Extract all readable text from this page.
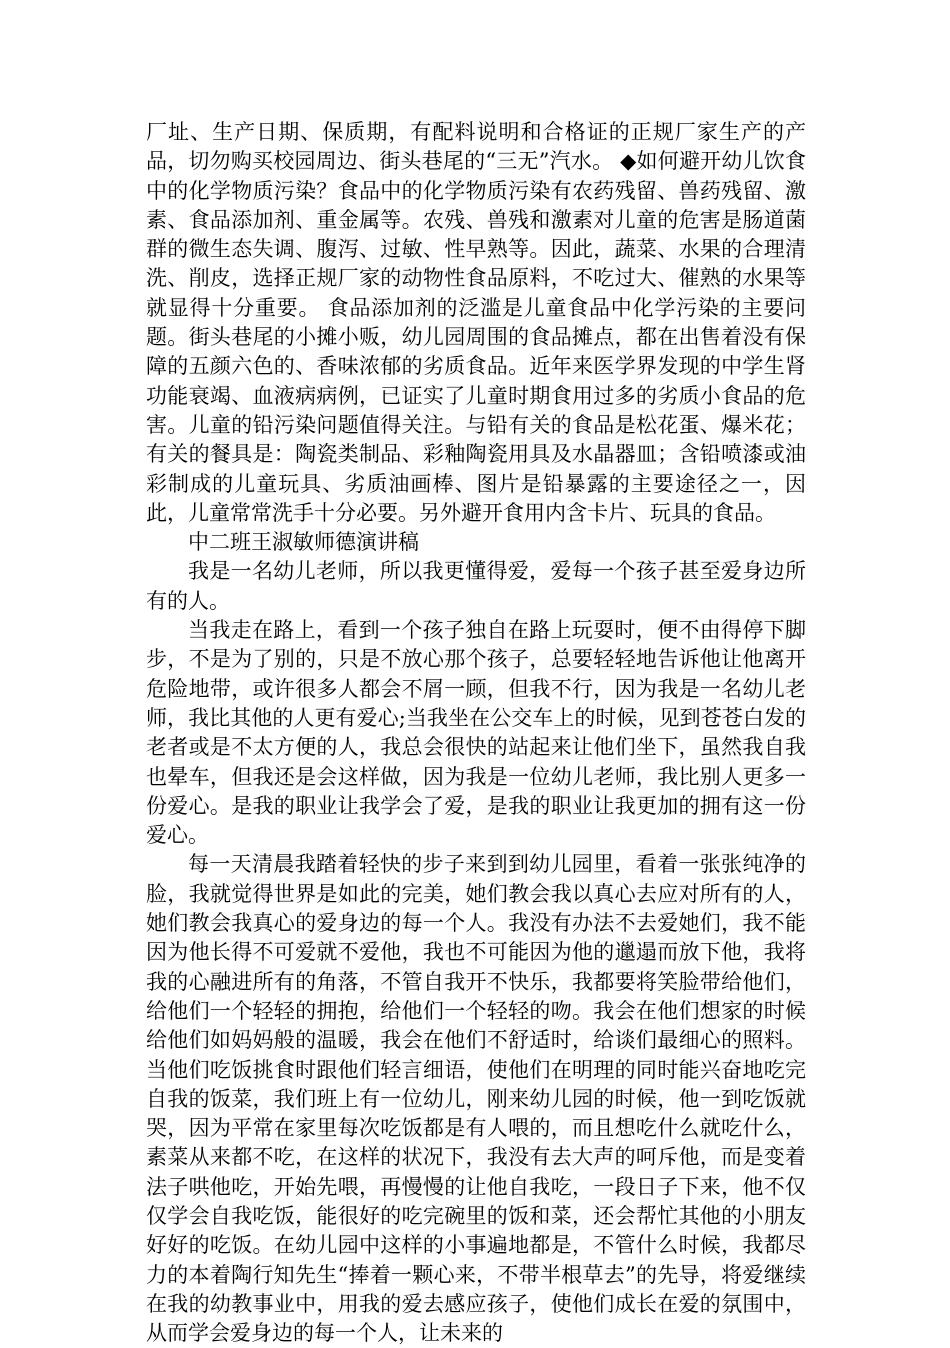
厂址、生产日期、保质期，有配料说明和合格证的正规厂家生产的产品，切勿购买校园周边、街头巷尾的“三无”汽水。 ◆如何避开幼儿饮食中的化学物质污染？食品中的化学物质污染有农药残留、兽药残留、激素、食品添加剂、重金属等。农残、兽残和激素对儿童的危害是肠道菌群的微生态失调、腹泻、过敏、性早熟等。因此，蔬菜、水果的合理清洗、削皮，选择正规厂家的动物性食品原料，不吃过大、催熟的水果等就显得十分重要。 食品添加剂的泛滥是儿童食品中化学污染的主要问题。街头巷尾的小摊小贩，幼儿园周围的食品摊点，都在出售着没有保障的五颜六色的、香味浓郁的劣质食品。近年来医学界发现的中学生肾功能衰竭、血液病病例，已证实了儿童时期食用过多的劣质小食品的危害。儿童的铅污染问题值得关注。与铅有关的食品是松花蛋、爆米花；有关的餐具是：陶瓷类制品、彩釉陶瓷用具及水晶器皿；含铅喷漆或油彩制成的儿童玩具、劣质油画棒、图片是铅暴露的主要途径之一，因此，儿童常常洗手十分必要。另外避开食用内含卡片、玩具的食品。

中二班王淑敏师德演讲稿

我是一名幼儿老师，所以我更懂得爱，爱每一个孩子甚至爱身边所有的人。

当我走在路上，看到一个孩子独自在路上玩耍时，便不由得停下脚步，不是为了别的，只是不放心那个孩子，总要轻轻地告诉他让他离开危险地带，或许很多人都会不屑一顾，但我不行，因为我是一名幼儿老师，我比其他的人更有爱心;当我坐在公交车上的时候，见到苍苍白发的老者或是不太方便的人，我总会很快的站起来让他们坐下，虽然我自我也晕车，但我还是会这样做，因为我是一位幼儿老师，我比别人更多一份爱心。是我的职业让我学会了爱，是我的职业让我更加的拥有这一份爱心。

每一天清晨我踏着轻快的步子来到到幼儿园里，看着一张张纯净的脸，我就觉得世界是如此的完美，她们教会我以真心去应对所有的人，她们教会我真心的爱身边的每一个人。我没有办法不去爱她们，我不能因为他长得不可爱就不爱他，我也不可能因为他的邋遢而放下他，我将我的心融进所有的角落，不管自我开不快乐，我都要将笑脸带给他们，给他们一个轻轻的拥抱，给他们一个轻轻的吻。我会在他们想家的时候给他们如妈妈般的温暖，我会在他们不舒适时，给谈们最细心的照料。当他们吃饭挑食时跟他们轻言细语，使他们在明理的同时能兴奋地吃完自我的饭菜，我们班上有一位幼儿，刚来幼儿园的时候，他一到吃饭就哭，因为平常在家里每次吃饭都是有人喂的，而且想吃什么就吃什么，素菜从来都不吃，在这样的状况下，我没有去大声的呵斥他，而是变着法子哄他吃，开始先喂，再慢慢的让他自我吃，一段日子下来，他不仅仅学会自我吃饭，能很好的吃完碗里的饭和菜，还会帮忙其他的小朋友好好的吃饭。在幼儿园中这样的小事遍地都是，不管什么时候，我都尽力的本着陶行知先生“捧着一颗心来，不带半根草去”的先导，将爱继续在我的幼教事业中，用我的爱去感应孩子，使他们成长在爱的氛围中，从而学会爱身边的每一个人，让未来的
